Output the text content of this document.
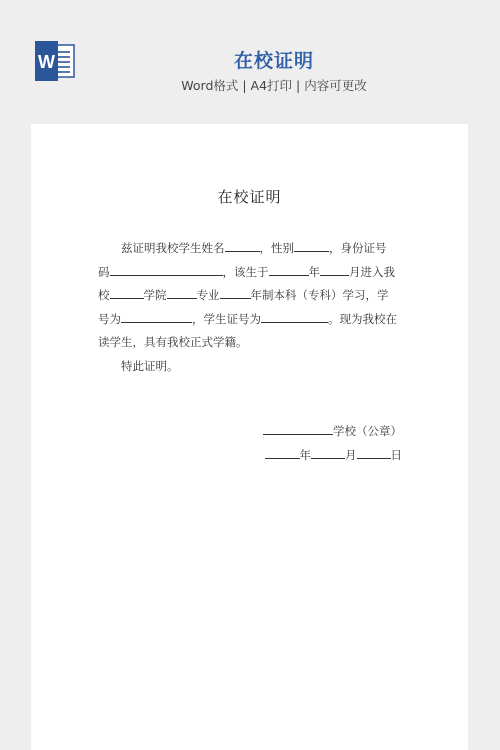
W	在校证明
Word格式 | A4打印 | 内容可更改
在校证明
兹证明我校学生姓名	，性别	，身份证号
码	，该生于	年	月进入我
校	学院	专业	年制本科（专科）学习，学
号为	，学生证号为	。现为我校在
读学生，具有我校正式学籍。
特此证明。
学校（公章）
年	月	日
